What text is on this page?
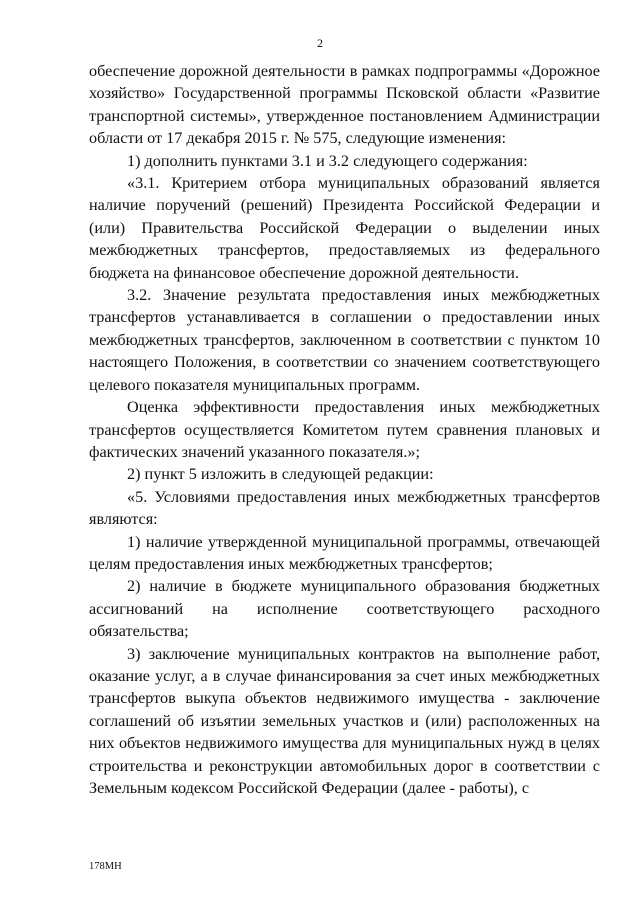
2

обеспечение дорожной деятельности в рамках подпрограммы «Дорожное хозяйство» Государственной программы Псковской области «Развитие транспортной системы», утвержденное постановлением Администрации области от 17 декабря 2015 г. № 575, следующие изменения:

1) дополнить пунктами 3.1 и 3.2 следующего содержания:

«3.1. Критерием отбора муниципальных образований является наличие поручений (решений) Президента Российской Федерации и (или) Правительства Российской Федерации о выделении иных межбюджетных трансфертов, предоставляемых из федерального бюджета на финансовое обеспечение дорожной деятельности.

3.2. Значение результата предоставления иных межбюджетных трансфертов устанавливается в соглашении о предоставлении иных межбюджетных трансфертов, заключенном в соответствии с пунктом 10 настоящего Положения, в соответствии со значением соответствующего целевого показателя муниципальных программ.

Оценка эффективности предоставления иных межбюджетных трансфертов осуществляется Комитетом путем сравнения плановых и фактических значений указанного показателя.»;

2) пункт 5 изложить в следующей редакции:

«5. Условиями предоставления иных межбюджетных трансфертов являются:

1) наличие утвержденной муниципальной программы, отвечающей целям предоставления иных межбюджетных трансфертов;

2) наличие в бюджете муниципального образования бюджетных ассигнований на исполнение соответствующего расходного обязательства;

3) заключение муниципальных контрактов на выполнение работ, оказание услуг, а в случае финансирования за счет иных межбюджетных трансфертов выкупа объектов недвижимого имущества - заключение соглашений об изъятии земельных участков и (или) расположенных на них объектов недвижимого имущества для муниципальных нужд в целях строительства и реконструкции автомобильных дорог в соответствии с Земельным кодексом Российской Федерации (далее - работы), с

178МН
